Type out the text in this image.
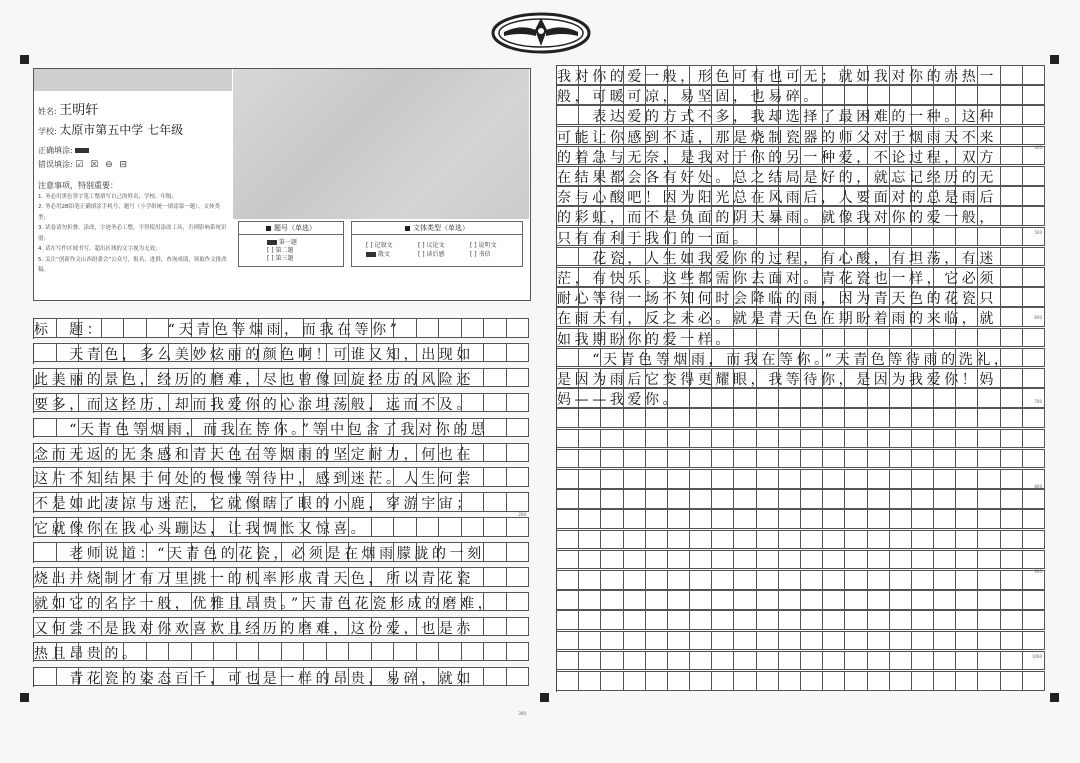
姓名: 王明轩
学校: 太原市第五中学 七年级
正确填涂:
错误填涂: ☑ ☒ ⊖ ⊟
注意事项，特别重要：
1. 务必用黑色签字笔工整填写自己的姓名、学校、年级；
2. 务必用2B铅笔正确填涂手机号、题号（小学组统一填涂第一题）、文体类型；
3. 试卷请勿折叠、涂改，字迹务必工整，不得使用涂改工具，否则影响系统识别；
4. 请在写作区域书写，超出区域的文字视为无效；
5. 关注“创新作文山西组委会”公众号，报名、进群，查询成绩，领取作文批改稿。
题号（单选）
第一题
[ ] 第二题
[ ] 第三题
文体类型（单选）
[ ] 记叙文	[ ] 议论文	[ ] 说明文
散文	[ ] 读后感	[ ] 书信
标　题：　　　　“天青色等烟雨，而我在等你”
　　天青色，多么美妙炫丽的颜色啊！可谁又知，出现如
此美丽的景色，经历的磨难，尽也曾像回旋经历的风险还
要多，而这经历，却而我爱你的心涂坦荡般，远而不及。
　　“天青色等烟雨，而我在等你。”等中包含了我对你的思
念而无返的无条感和青天色在等烟雨的坚定耐力，何也在
这片不知结果于何处的慢慢等待中，感到迷茫。人生何尝
不是如此凄凉与迷茫，它就像瞎了眼的小鹿，穿游宇宙；
它就像你在我心头蹦达，让我惆怅又惊喜。
　　老师说道：“天青色的花瓷，必须是在烟雨朦胧的一刻
烧出并烧制才有万里挑一的机率形成青天色，所以青花瓷
就如它的名字一般，优雅且昂贵。”天青色花瓷形成的磨难，
又何尝不是我对你欢喜欢且经历的磨难，这份爱，也是赤
热且昂贵的。
　　青花瓷的姿态百千，可也是一样的昂贵，易碎，就如
200
300
我对你的爱一般，形色可有也可无；就如我对你的赤热一
般，可暖可凉，易坚固，也易碎。
　　表达爱的方式不多，我却选择了最困难的一种。这种
可能让你感到不适，那是烧制瓷器的师父对于烟雨天不来
的着急与无奈，是我对于你的另一种爱，不论过程，双方
在结果都会各有好处。总之结局是好的，就忘记经历的无
奈与心酸吧！因为阳光总在风雨后，人要面对的总是雨后
的彩虹，而不是负面的阴天暴雨。就像我对你的爱一般，
只有有利于我们的一面。
　　花瓷，人生如我爱你的过程，有心酸，有坦荡，有迷
茫，有快乐。这些都需你去面对。青花瓷也一样，它必须
耐心等待一场不知何时会降临的雨，因为青天色的花瓷只
在雨天有，反之未必。就是青天色在期盼着雨的来临，就
如我期盼你的爱一样。
　　“天青色等烟雨，而我在等你。”天青色等待雨的洗礼，
是因为雨后它变得更耀眼，我等待你，是因为我爱你！妈
妈——我爱你。
400
500
600
700
800
900
1000
